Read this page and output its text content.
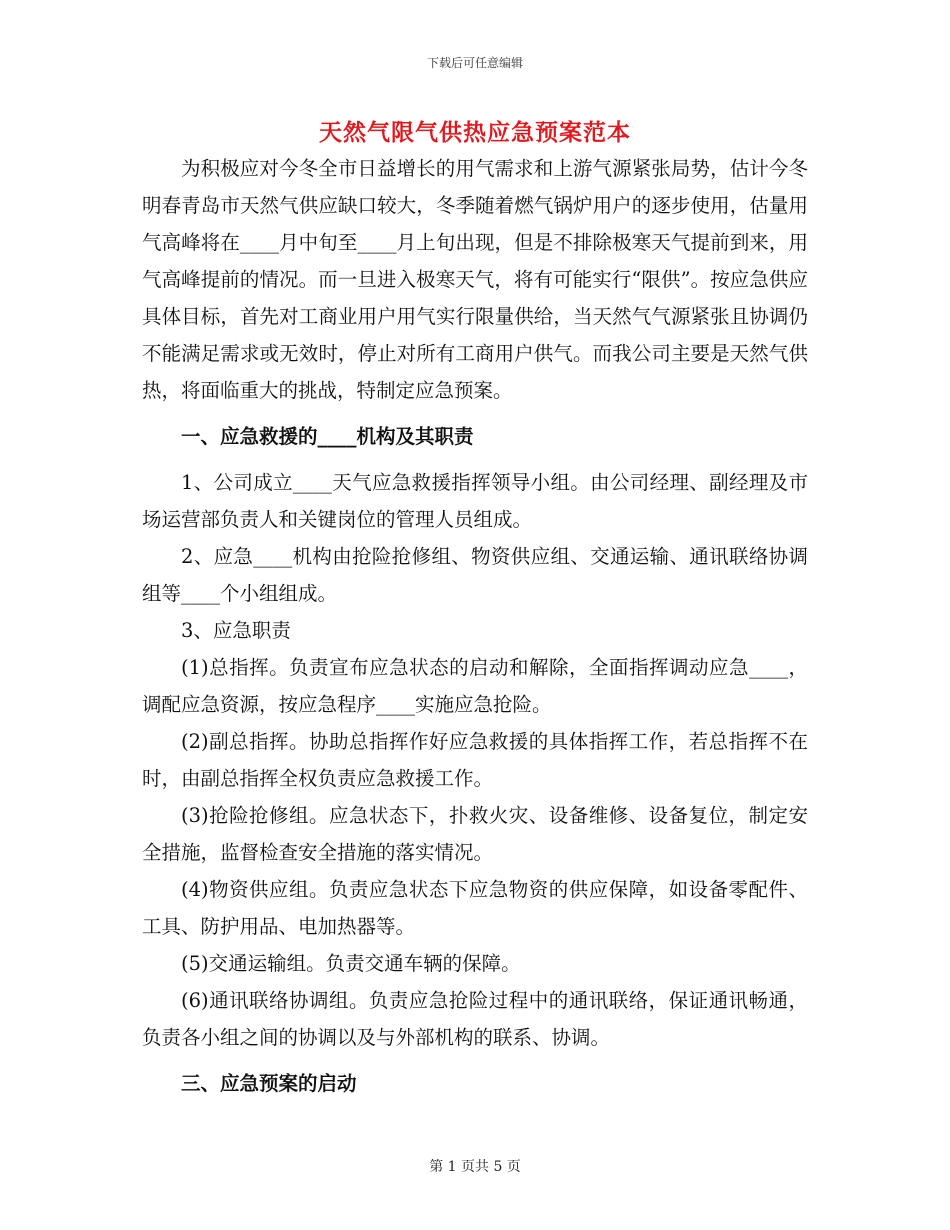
下载后可任意编辑
天然气限气供热应急预案范本

为积极应对今冬全市日益增长的用气需求和上游气源紧张局势，估计今冬明春青岛市天然气供应缺口较大，冬季随着燃气锅炉用户的逐步使用，估量用气高峰将在____月中旬至____月上旬出现，但是不排除极寒天气提前到来，用气高峰提前的情况。而一旦进入极寒天气，将有可能实行“限供”。按应急供应具体目标，首先对工商业用户用气实行限量供给，当天然气气源紧张且协调仍不能满足需求或无效时，停止对所有工商用户供气。而我公司主要是天然气供热，将面临重大的挑战，特制定应急预案。

一、应急救援的____机构及其职责

1、公司成立____天气应急救援指挥领导小组。由公司经理、副经理及市场运营部负责人和关键岗位的管理人员组成。

2、应急____机构由抢险抢修组、物资供应组、交通运输、通讯联络协调组等____个小组组成。

3、应急职责

(1)总指挥。负责宣布应急状态的启动和解除，全面指挥调动应急____，调配应急资源，按应急程序____实施应急抢险。

(2)副总指挥。协助总指挥作好应急救援的具体指挥工作，若总指挥不在时，由副总指挥全权负责应急救援工作。

(3)抢险抢修组。应急状态下，扑救火灾、设备维修、设备复位，制定安全措施，监督检查安全措施的落实情况。

(4)物资供应组。负责应急状态下应急物资的供应保障，如设备零配件、工具、防护用品、电加热器等。

(5)交通运输组。负责交通车辆的保障。

(6)通讯联络协调组。负责应急抢险过程中的通讯联络，保证通讯畅通，负责各小组之间的协调以及与外部机构的联系、协调。

三、应急预案的启动

第 1 页共 5 页
